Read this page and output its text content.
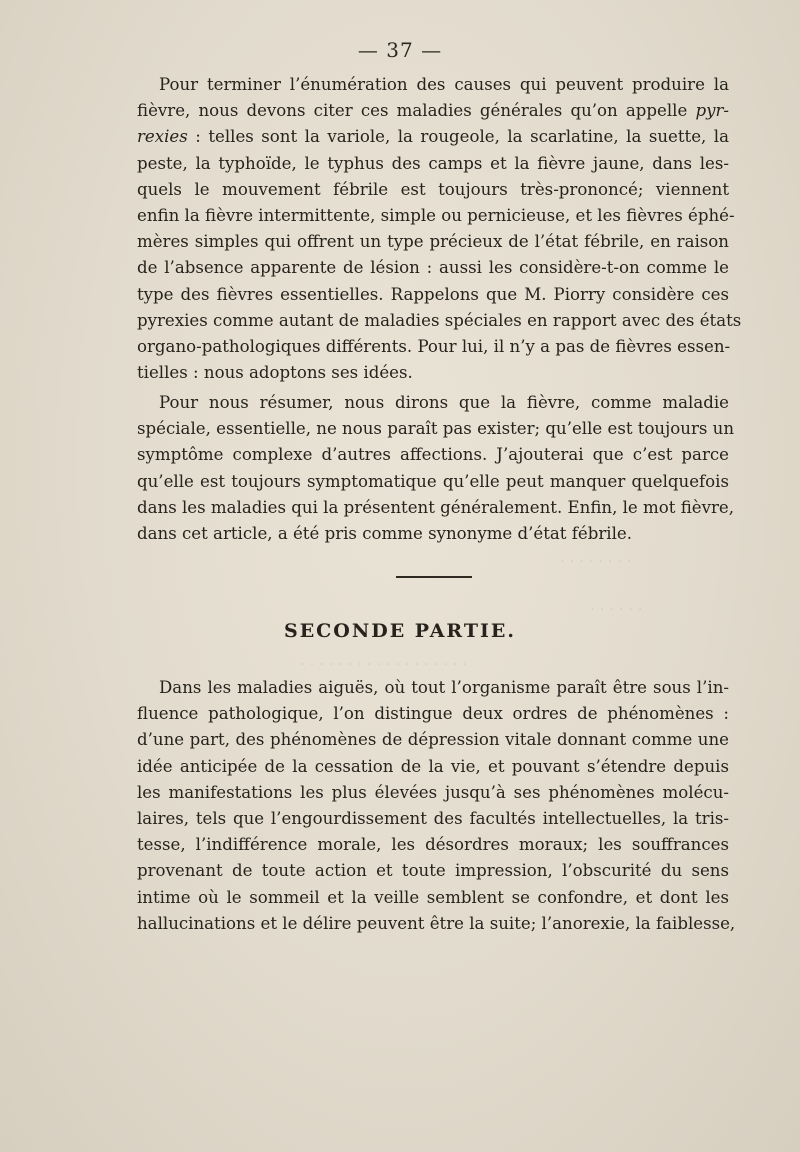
· · · · · · · ·
· · · · · ·
· · · · · · · · · · · · · · · · · ·
— 37 —
Pour terminer l’énumération des causes qui peuvent produire la
fièvre, nous devons citer ces maladies générales qu’on appelle pyr-
rexies : telles sont la variole, la rougeole, la scarlatine, la suette, la
peste, la typhoïde, le typhus des camps et la fièvre jaune, dans les-
quels le mouvement fébrile est toujours très-prononcé; viennent
enfin la fièvre intermittente, simple ou pernicieuse, et les fièvres éphé-
mères simples qui offrent un type précieux de l’état fébrile, en raison
de l’absence apparente de lésion : aussi les considère-t-on comme le
type des fièvres essentielles. Rappelons que M. Piorry considère ces
pyrexies comme autant de maladies spéciales en rapport avec des états
organo-pathologiques différents. Pour lui, il n’y a pas de fièvres essen-
tielles : nous adoptons ses idées.
Pour nous résumer, nous dirons que la fièvre, comme maladie
spéciale, essentielle, ne nous paraît pas exister; qu’elle est toujours un
symptôme complexe d’autres affections. J’ajouterai que c’est parce
qu’elle est toujours symptomatique qu’elle peut manquer quelquefois
dans les maladies qui la présentent généralement. Enfin, le mot fièvre,
dans cet article, a été pris comme synonyme d’état fébrile.
SECONDE PARTIE.
Dans les maladies aiguës, où tout l’organisme paraît être sous l’in-
fluence pathologique, l’on distingue deux ordres de phénomènes :
d’une part, des phénomènes de dépression vitale donnant comme une
idée anticipée de la cessation de la vie, et pouvant s’étendre depuis
les manifestations les plus élevées jusqu’à ses phénomènes molécu-
laires, tels que l’engourdissement des facultés intellectuelles, la tris-
tesse, l’indifférence morale, les désordres moraux; les souffrances
provenant de toute action et toute impression, l’obscurité du sens
intime où le sommeil et la veille semblent se confondre, et dont les
hallucinations et le délire peuvent être la suite; l’anorexie, la faiblesse,
